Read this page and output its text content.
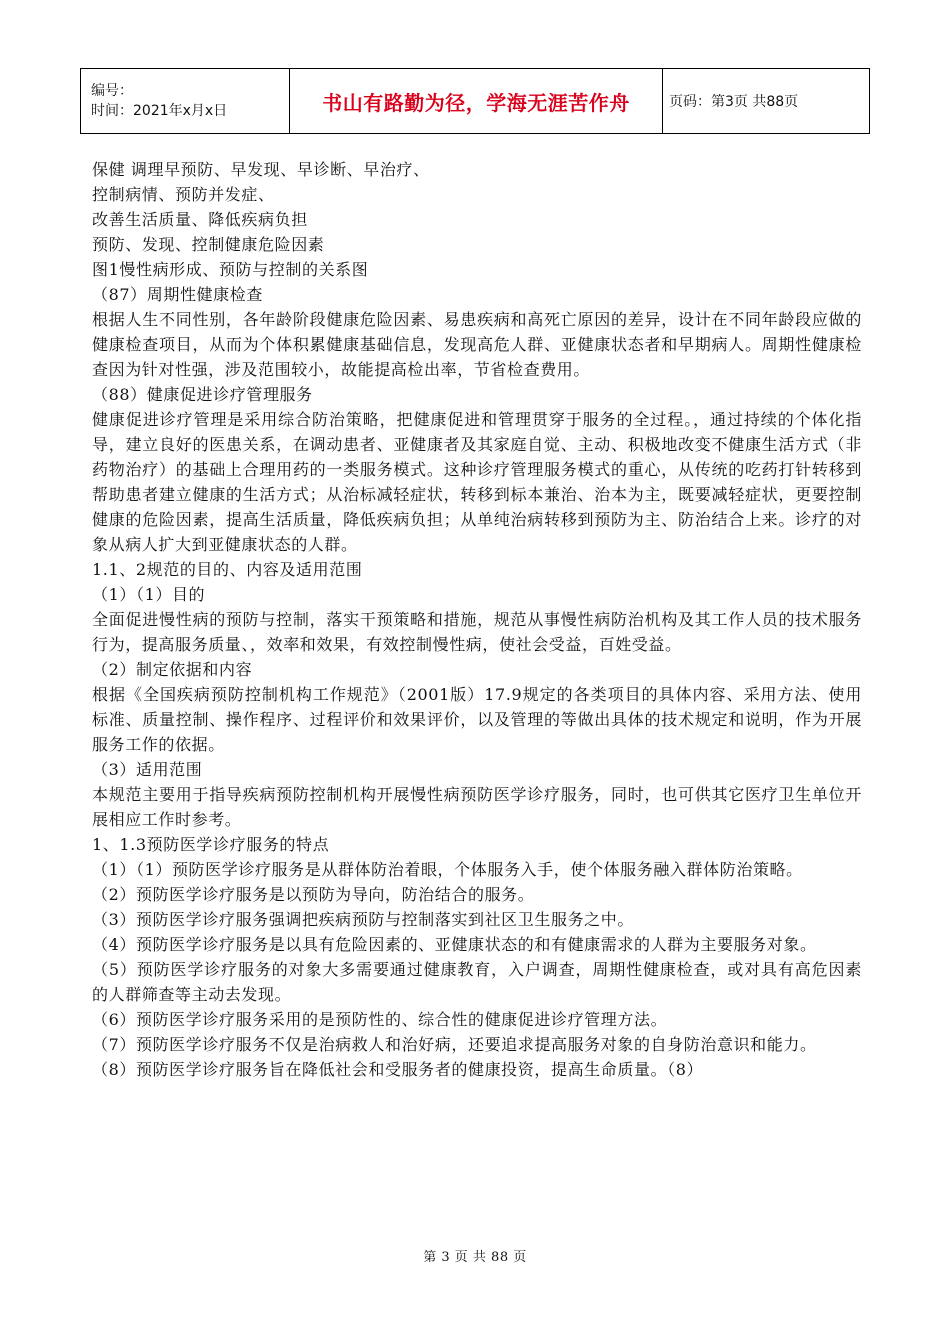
编号：
时间：2021年x月x日	书山有路勤为径，学海无涯苦作舟	页码：第3页 共88页

保健 调理早预防、早发现、早诊断、早治疗、

控制病情、预防并发症、

改善生活质量、降低疾病负担

预防、发现、控制健康危险因素

图1慢性病形成、预防与控制的关系图

（87）周期性健康检查

根据人生不同性别，各年龄阶段健康危险因素、易患疾病和高死亡原因的差异，设计在不同年龄段应做的健康检查项目，从而为个体积累健康基础信息，发现高危人群、亚健康状态者和早期病人。周期性健康检查因为针对性强，涉及范围较小，故能提高检出率，节省检查费用。

（88）健康促进诊疗管理服务

健康促进诊疗管理是采用综合防治策略，把健康促进和管理贯穿于服务的全过程。，通过持续的个体化指导，建立良好的医患关系，在调动患者、亚健康者及其家庭自觉、主动、积极地改变不健康生活方式（非药物治疗）的基础上合理用药的一类服务模式。这种诊疗管理服务模式的重心，从传统的吃药打针转移到帮助患者建立健康的生活方式；从治标减轻症状，转移到标本兼治、治本为主，既要减轻症状，更要控制健康的危险因素，提高生活质量，降低疾病负担；从单纯治病转移到预防为主、防治结合上来。诊疗的对象从病人扩大到亚健康状态的人群。

1.1、2规范的目的、内容及适用范围

（1）（1）目的

全面促进慢性病的预防与控制，落实干预策略和措施，规范从事慢性病防治机构及其工作人员的技术服务行为，提高服务质量、，效率和效果，有效控制慢性病，使社会受益，百姓受益。

（2）制定依据和内容

根据《全国疾病预防控制机构工作规范》（2001版）17.9规定的各类项目的具体内容、采用方法、使用标准、质量控制、操作程序、过程评价和效果评价，以及管理的等做出具体的技术规定和说明，作为开展服务工作的依据。

（3）适用范围

本规范主要用于指导疾病预防控制机构开展慢性病预防医学诊疗服务，同时，也可供其它医疗卫生单位开展相应工作时参考。

1、1.3预防医学诊疗服务的特点

（1）（1）预防医学诊疗服务是从群体防治着眼，个体服务入手，使个体服务融入群体防治策略。

（2）预防医学诊疗服务是以预防为导向，防治结合的服务。

（3）预防医学诊疗服务强调把疾病预防与控制落实到社区卫生服务之中。

（4）预防医学诊疗服务是以具有危险因素的、亚健康状态的和有健康需求的人群为主要服务对象。

（5）预防医学诊疗服务的对象大多需要通过健康教育，入户调查，周期性健康检查，或对具有高危因素的人群筛查等主动去发现。

（6）预防医学诊疗服务采用的是预防性的、综合性的健康促进诊疗管理方法。

（7）预防医学诊疗服务不仅是治病救人和治好病，还要追求提高服务对象的自身防治意识和能力。

（8）预防医学诊疗服务旨在降低社会和受服务者的健康投资，提高生命质量。（8）

第 3 页 共 88 页
